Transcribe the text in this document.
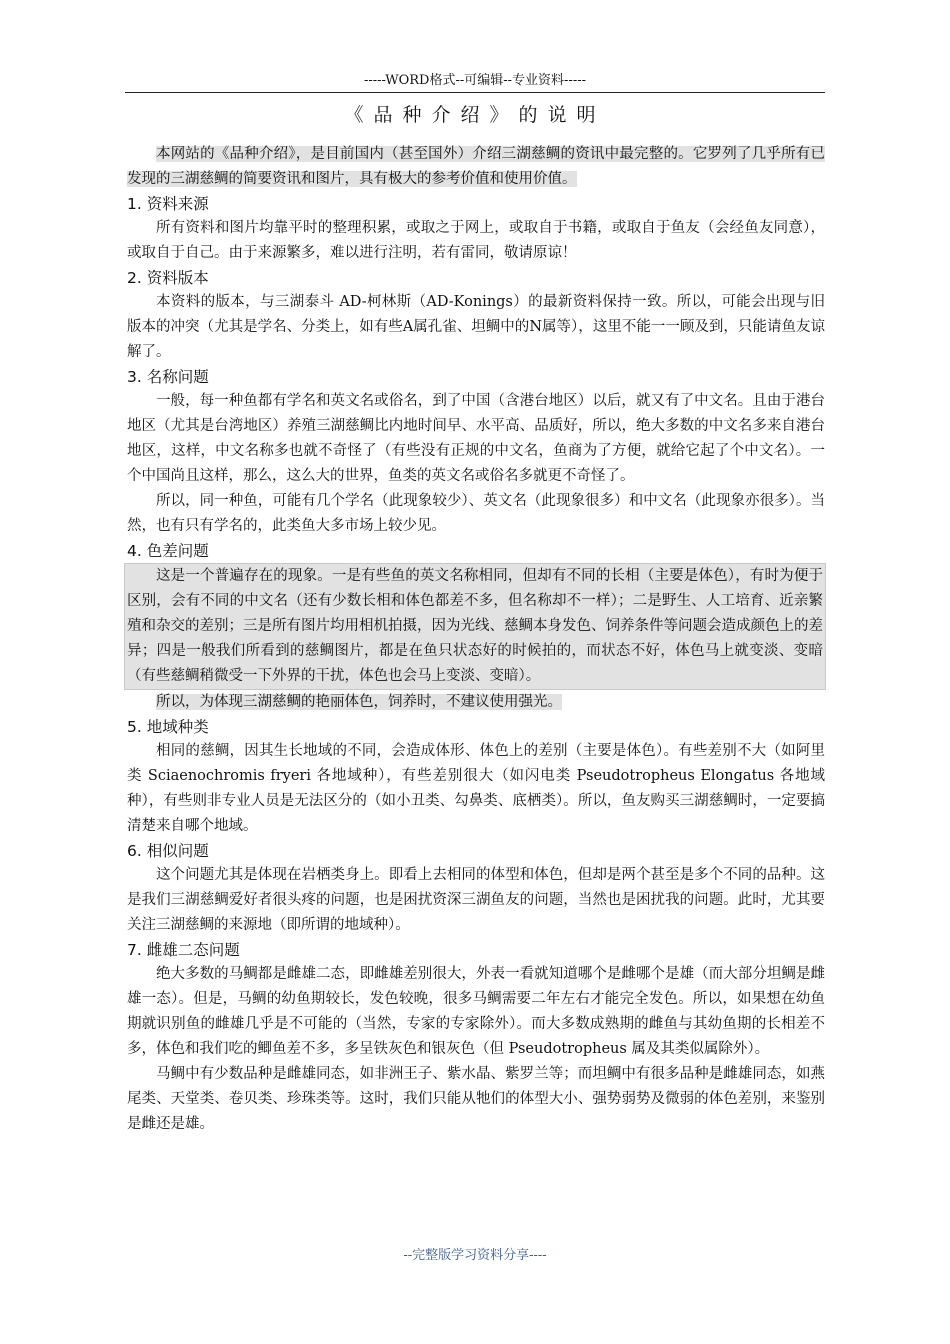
-----WORD格式--可编辑--专业资料-----
《品种介绍》的说明

本网站的《品种介绍》，是目前国内（甚至国外）介绍三湖慈鲷的资讯中最完整的。它罗列了几乎所有已发现的三湖慈鲷的简要资讯和图片，具有极大的参考价值和使用价值。

1. 资料来源

所有资料和图片均靠平时的整理积累，或取之于网上，或取自于书籍，或取自于鱼友（会经鱼友同意），或取自于自己。由于来源繁多，难以进行注明，若有雷同，敬请原谅！

2. 资料版本

本资料的版本，与三湖泰斗 AD-柯林斯（AD-Konings）的最新资料保持一致。所以，可能会出现与旧版本的冲突（尤其是学名、分类上，如有些A属孔雀、坦鲷中的N属等），这里不能一一顾及到，只能请鱼友谅解了。

3. 名称问题

一般，每一种鱼都有学名和英文名或俗名，到了中国（含港台地区）以后，就又有了中文名。且由于港台地区（尤其是台湾地区）养殖三湖慈鲷比内地时间早、水平高、品质好，所以，绝大多数的中文名多来自港台地区，这样，中文名称多也就不奇怪了（有些没有正规的中文名，鱼商为了方便，就给它起了个中文名）。一个中国尚且这样，那么，这么大的世界，鱼类的英文名或俗名多就更不奇怪了。

所以，同一种鱼，可能有几个学名（此现象较少）、英文名（此现象很多）和中文名（此现象亦很多）。当然，也有只有学名的，此类鱼大多市场上较少见。

4. 色差问题

这是一个普遍存在的现象。一是有些鱼的英文名称相同，但却有不同的长相（主要是体色），有时为便于区别，会有不同的中文名（还有少数长相和体色都差不多，但名称却不一样）；二是野生、人工培育、近亲繁殖和杂交的差别；三是所有图片均用相机拍摄，因为光线、慈鲷本身发色、饲养条件等问题会造成颜色上的差异；四是一般我们所看到的慈鲷图片，都是在鱼只状态好的时候拍的，而状态不好，体色马上就变淡、变暗（有些慈鲷稍微受一下外界的干扰，体色也会马上变淡、变暗）。

所以，为体现三湖慈鲷的艳丽体色，饲养时，不建议使用强光。

5. 地域种类

相同的慈鲷，因其生长地域的不同，会造成体形、体色上的差别（主要是体色）。有些差别不大（如阿里类 Sciaenochromis fryeri 各地域种），有些差别很大（如闪电类 Pseudotropheus Elongatus 各地域种），有些则非专业人员是无法区分的（如小丑类、勾鼻类、底栖类）。所以，鱼友购买三湖慈鲷时，一定要搞清楚来自哪个地域。

6. 相似问题

这个问题尤其是体现在岩栖类身上。即看上去相同的体型和体色，但却是两个甚至是多个不同的品种。这是我们三湖慈鲷爱好者很头疼的问题，也是困扰资深三湖鱼友的问题，当然也是困扰我的问题。此时，尤其要关注三湖慈鲷的来源地（即所谓的地域种）。

7. 雌雄二态问题

绝大多数的马鲷都是雌雄二态，即雌雄差别很大，外表一看就知道哪个是雌哪个是雄（而大部分坦鲷是雌雄一态）。但是，马鲷的幼鱼期较长，发色较晚，很多马鲷需要二年左右才能完全发色。所以，如果想在幼鱼期就识别鱼的雌雄几乎是不可能的（当然，专家的专家除外）。而大多数成熟期的雌鱼与其幼鱼期的长相差不多，体色和我们吃的鲫鱼差不多，多呈铁灰色和银灰色（但 Pseudotropheus 属及其类似属除外）。

马鲷中有少数品种是雌雄同态，如非洲王子、紫水晶、紫罗兰等；而坦鲷中有很多品种是雌雄同态，如燕尾类、天堂类、卷贝类、珍珠类等。这时，我们只能从牠们的体型大小、强势弱势及微弱的体色差别，来鉴别是雌还是雄。

--完整版学习资料分享----
